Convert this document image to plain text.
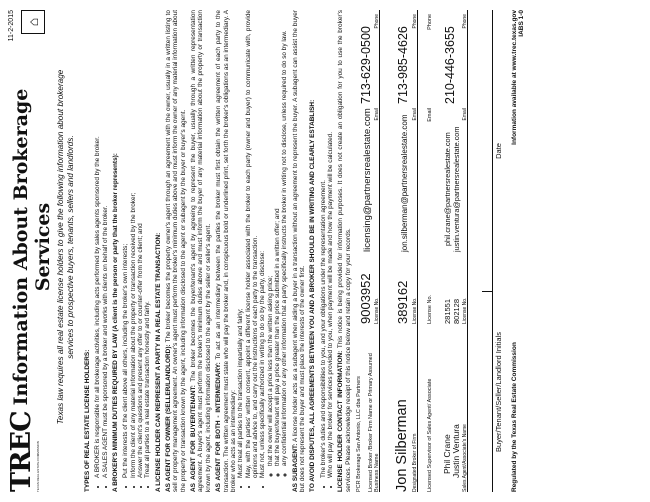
TREC TEXAS REAL ESTATE COMMISSION
Information About Brokerage Services Texas law requires all real estate license holders to give the following information about brokerage services to prospective buyers, tenants, sellers and landlords.
11-2-2015 ⌂

TYPES OF REAL ESTATE LICENSE HOLDERS: • A BROKER is responsible for all brokerage activities, including acts performed by sales agents sponsored by the broker. • A SALES AGENT must be sponsored by a broker and works with clients on behalf of the broker. A BROKER'S MINIMUM DUTIES REQUIRED BY LAW (A client is the person or party that the broker represents): • Put the interests of the client above all others, including the broker's own interests; • Inform the client of any material information about the property or transaction received by the broker; • Answer the client's questions and present any offer to or counter-offer from the client; and • Treat all parties to a real estate transaction honestly and fairly. A LICENSE HOLDER CAN REPRESENT A PARTY IN A REAL ESTATE TRANSACTION: AS AGENT FOR OWNER (SELLER/LANDLORD): The broker becomes the property owner's agent through an agreement with the owner, usually in a written listing to sell or property management agreement. An owner's agent must perform the broker's minimum duties above and must inform the owner of any material information about the property or transaction known by the agent, including information disclosed to the agent or subagent by the buyer or buyer's agent. AS AGENT FOR BUYER/TENANT: The broker becomes the buyer/tenant's agent by agreeing to represent the buyer, usually through a written representation agreement. A buyer's agent must perform the broker's minimum duties above and must inform the buyer of any material information about the property or transaction known by the agent, including information disclosed to the agent by the seller or seller's agent. AS AGENT FOR BOTH - INTERMEDIARY: To act as an intermediary between the parties the broker must first obtain the written agreement of each party to the transaction. The written agreement must state who will pay the broker and, in conspicuous bold or underlined print, set forth the broker's obligations as an intermediary. A broker who acts as an intermediary: • Must treat all parties to the transaction impartially and fairly; • May, with the parties' written consent, appoint a different license holder associated with the broker to each party (owner and buyer) to communicate with, provide opinions and advice to, and carry out the instructions of each party to the transaction. • Must not, unless specifically authorized in writing to do so by the party, disclose: ◦ that the owner will accept a price less than the written asking price; ◦ that the buyer/tenant will pay a price greater than the price submitted in a written offer; and ◦ any confidential information or any other information that a party specifically instructs the broker in writing not to disclose, unless required to do so by law.

AS SUBAGENT: A license holder acts as a subagent when aiding a buyer in a transaction without an agreement to represent the buyer. A subagent can assist the buyer but does not represent the buyer and must place the interests of the owner first. TO AVOID DISPUTES, ALL AGREEMENTS BETWEEN YOU AND A BROKER SHOULD BE IN WRITING AND CLEARLY ESTABLISH: • The broker's duties and responsibilities to you, and your obligations under the representation agreement. • Who will pay the broker for services provided to you, when payment will be made and how the payment will be calculated. LICENSE HOLDER CONTACT INFORMATION: This notice is being provided for information purposes. It does not create an obligation for you to use the broker's services. Please acknowledge receipt of this notice below and retain a copy for your records. PCR Brokerage San Antonio, LLC dba Partners Licensed Broker /Broker Firm Name or Primary Assumed Business Name
9003952 License No.
licensing@partnersrealestate.com Email
713-629-0500
Phone
Jon Silberman Designated Broker of Firm
389162 License No.
jon.silberman@partnersrealestate.com
Email
713-985-4626
Phone
Licensed Supervisor of Sales Agent/ Associate Phil Crane Justin Ventura Sales Agent/Associate's Name
License No. 281551 802128 License No.
Email
phil.crane@partnersrealestate.com justin.ventura@partnersrealestate.com
Email
Phone
210-446-3655
Phone
Buyer/Tenant/Seller/Landlord Initials
Date
Regulated by the Texas Real Estate Commission
Information available at www.trec.texas.gov IABS 1-0
